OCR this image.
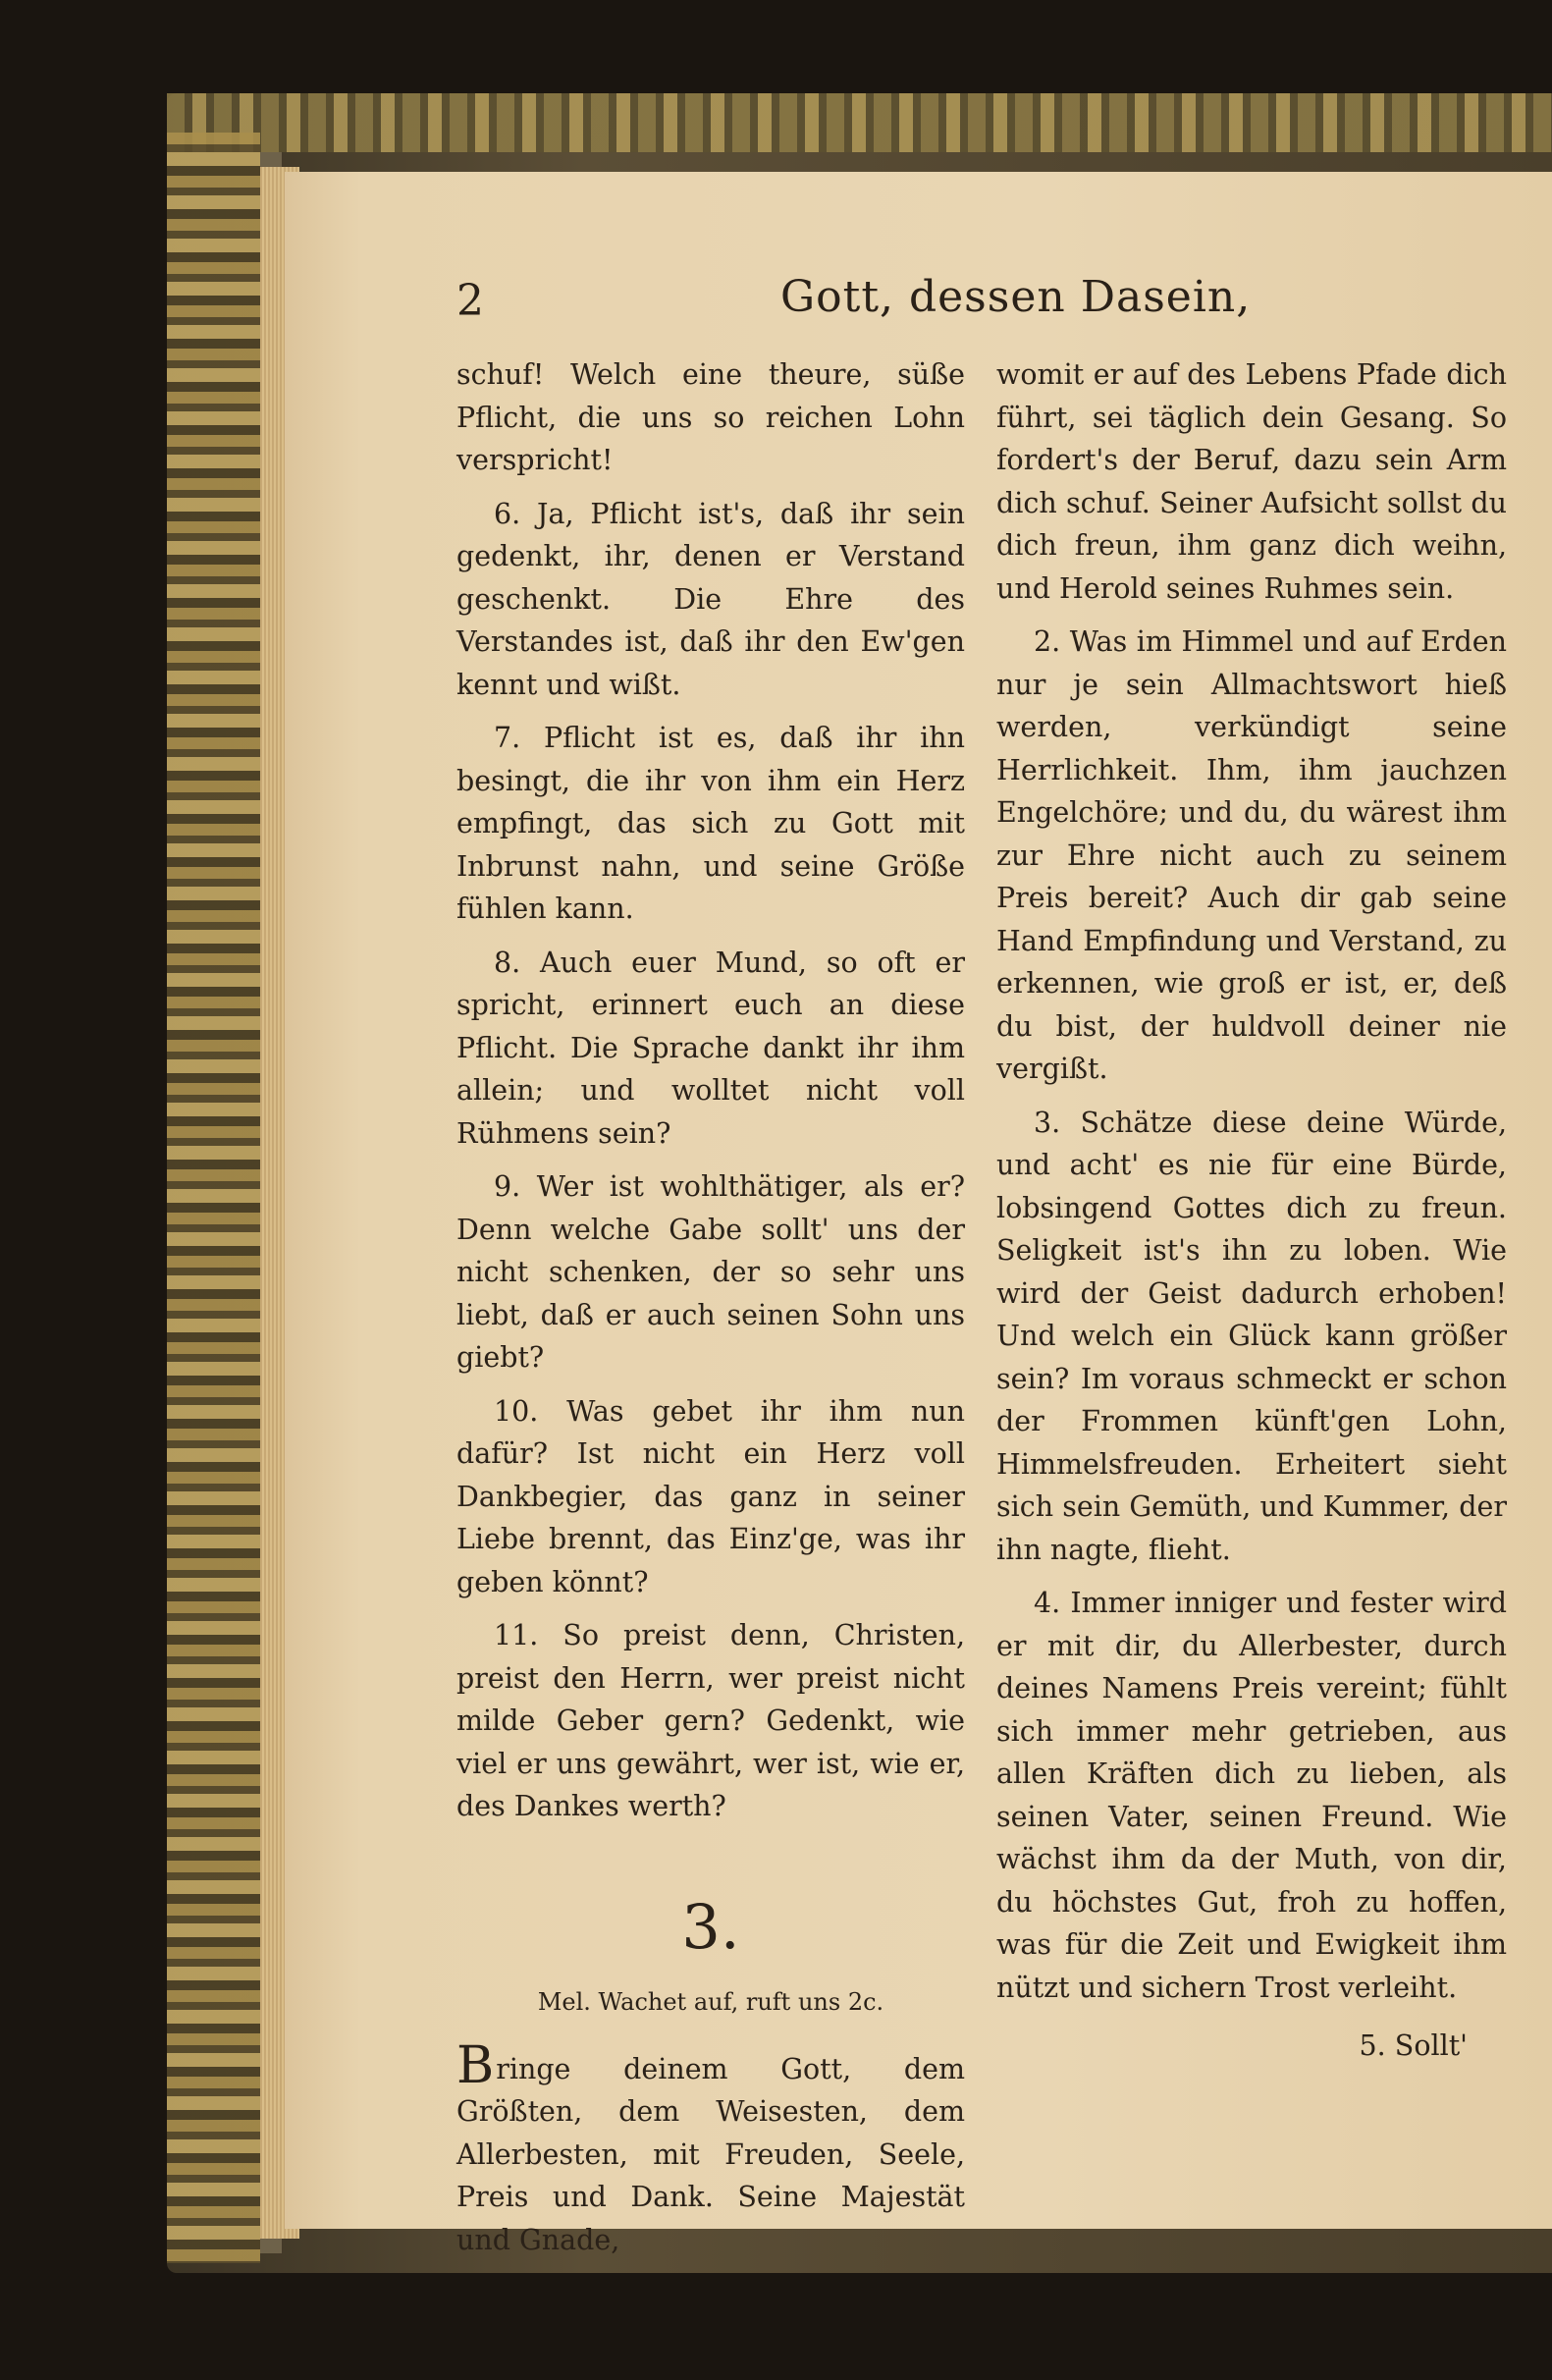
2	Gott, dessen Dasein,

schuf! Welch eine theure, süße Pflicht, die uns so reichen Lohn verspricht!

6. Ja, Pflicht ist's, daß ihr sein gedenkt, ihr, denen er Verstand geschenkt. Die Ehre des Verstandes ist, daß ihr den Ew'gen kennt und wißt.

7. Pflicht ist es, daß ihr ihn besingt, die ihr von ihm ein Herz empfingt, das sich zu Gott mit Inbrunst nahn, und seine Größe fühlen kann.

8. Auch euer Mund, so oft er spricht, erinnert euch an diese Pflicht. Die Sprache dankt ihr ihm allein; und wolltet nicht voll Rühmens sein?

9. Wer ist wohlthätiger, als er? Denn welche Gabe sollt' uns der nicht schenken, der so sehr uns liebt, daß er auch seinen Sohn uns giebt?

10. Was gebet ihr ihm nun dafür? Ist nicht ein Herz voll Dankbegier, das ganz in seiner Liebe brennt, das Einz'ge, was ihr geben könnt?

11. So preist denn, Christen, preist den Herrn, wer preist nicht milde Geber gern? Gedenkt, wie viel er uns gewährt, wer ist, wie er, des Dankes werth?

3.
Mel. Wachet auf, ruft uns 2c.

Bringe deinem Gott, dem Größten, dem Weisesten, dem Allerbesten, mit Freuden, Seele, Preis und Dank. Seine Majestät und Gnade,

womit er auf des Lebens Pfade dich führt, sei täglich dein Gesang. So fordert's der Beruf, dazu sein Arm dich schuf. Seiner Aufsicht sollst du dich freun, ihm ganz dich weihn, und Herold seines Ruhmes sein.

2. Was im Himmel und auf Erden nur je sein Allmachtswort hieß werden, verkündigt seine Herrlichkeit. Ihm, ihm jauchzen Engelchöre; und du, du wärest ihm zur Ehre nicht auch zu seinem Preis bereit? Auch dir gab seine Hand Empfindung und Verstand, zu erkennen, wie groß er ist, er, deß du bist, der huldvoll deiner nie vergißt.

3. Schätze diese deine Würde, und acht' es nie für eine Bürde, lobsingend Gottes dich zu freun. Seligkeit ist's ihn zu loben. Wie wird der Geist dadurch erhoben! Und welch ein Glück kann größer sein? Im voraus schmeckt er schon der Frommen künft'gen Lohn, Himmelsfreuden. Erheitert sieht sich sein Gemüth, und Kummer, der ihn nagte, flieht.

4. Immer inniger und fester wird er mit dir, du Allerbester, durch deines Namens Preis vereint; fühlt sich immer mehr getrieben, aus allen Kräften dich zu lieben, als seinen Vater, seinen Freund. Wie wächst ihm da der Muth, von dir, du höchstes Gut, froh zu hoffen, was für die Zeit und Ewigkeit ihm nützt und sichern Trost verleiht.

5. Sollt'
